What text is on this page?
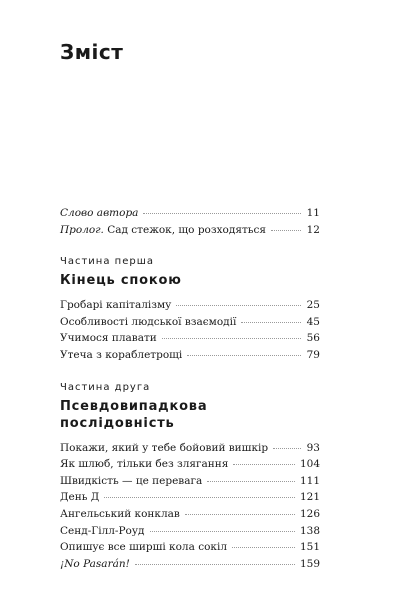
Зміст
Слово автора	11
Пролог. Сад стежок, що розходяться	12
Частина перша
Кінець спокою
Гробарі капіталізму	25
Особливості людської взаємодії	45
Учимося плавати	56
Утеча з кораблетрощі	79
Частина друга
Псевдовипадкова
послідовність
Покажи, який у тебе бойовий вишкір	93
Як шлюб, тільки без злягання	104
Швидкість — це перевага	111
День Д	121
Ангельський конклав	126
Сенд-Гілл-Роуд	138
Опишує все ширші кола сокіл	151
¡No Pasarán!	159
